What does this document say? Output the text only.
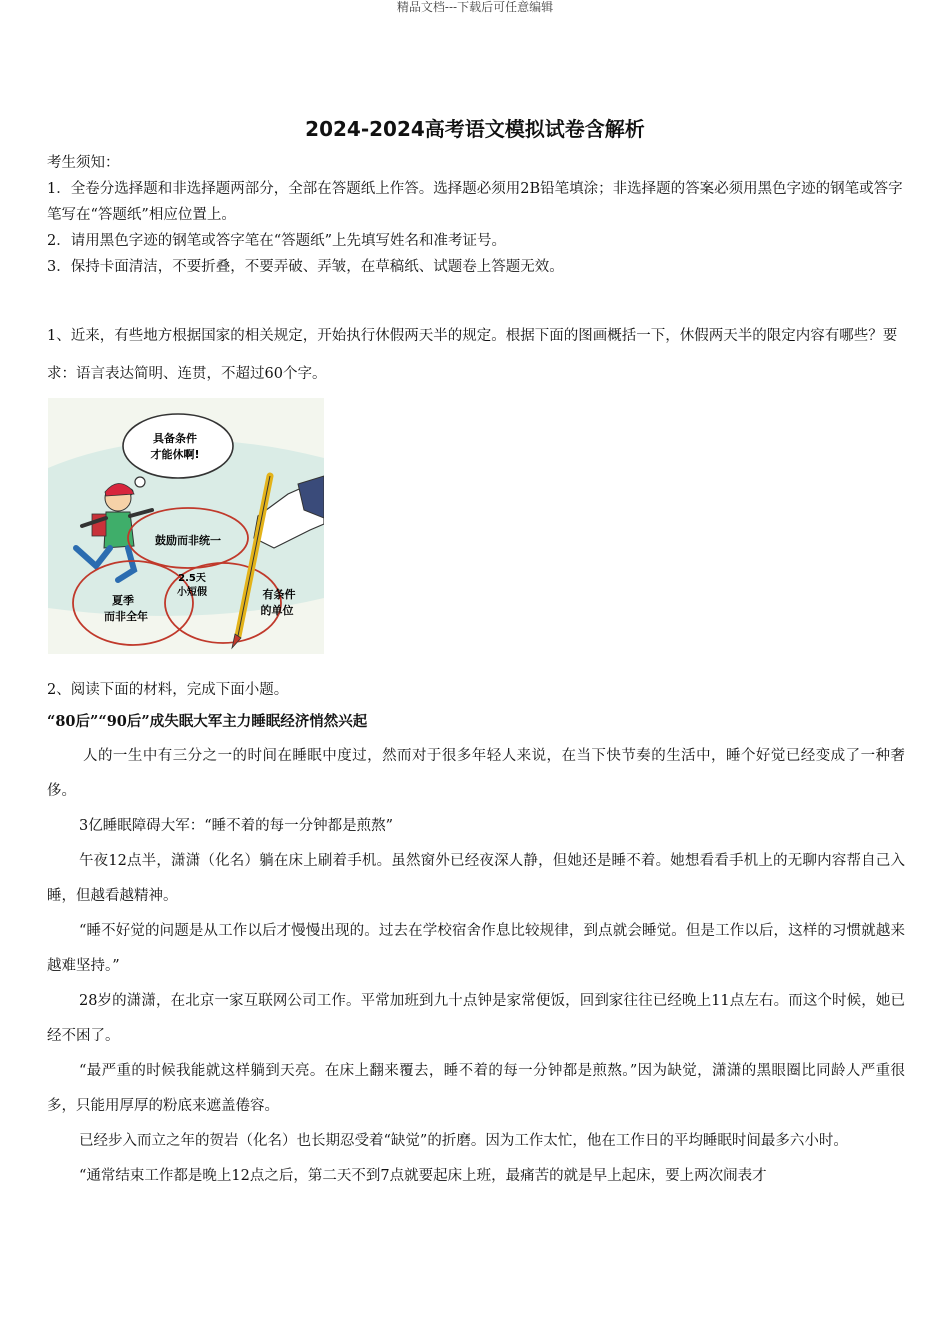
精品文档---下载后可任意编辑
2024-2024高考语文模拟试卷含解析

考生须知：

1．全卷分选择题和非选择题两部分，全部在答题纸上作答。选择题必须用2B铅笔填涂；非选择题的答案必须用黑色字迹的钢笔或答字笔写在“答题纸”相应位置上。

2．请用黑色字迹的钢笔或答字笔在“答题纸”上先填写姓名和准考证号。

3．保持卡面清洁，不要折叠，不要弄破、弄皱，在草稿纸、试题卷上答题无效。

1、近来，有些地方根据国家的相关规定，开始执行休假两天半的规定。根据下面的图画概括一下，休假两天半的限定内容有哪些？要求：语言表达简明、连贯，不超过60个字。

具备条件
才能休啊!
鼓励而非统一
2.5天
小短假
夏季
而非全年
有条件
的单位

2、阅读下面的材料，完成下面小题。

“80后”“90后”成失眠大军主力睡眠经济悄然兴起

人的一生中有三分之一的时间在睡眠中度过，然而对于很多年轻人来说，在当下快节奏的生活中，睡个好觉已经变成了一种奢侈。

3亿睡眠障碍大军：“睡不着的每一分钟都是煎熬”

午夜12点半，潇潇（化名）躺在床上刷着手机。虽然窗外已经夜深人静，但她还是睡不着。她想看看手机上的无聊内容帮自己入睡，但越看越精神。

“睡不好觉的问题是从工作以后才慢慢出现的。过去在学校宿舍作息比较规律，到点就会睡觉。但是工作以后，这样的习惯就越来越难坚持。”

28岁的潇潇，在北京一家互联网公司工作。平常加班到九十点钟是家常便饭，回到家往往已经晚上11点左右。而这个时候，她已经不困了。

“最严重的时候我能就这样躺到天亮。在床上翻来覆去，睡不着的每一分钟都是煎熬。”因为缺觉，潇潇的黑眼圈比同龄人严重很多，只能用厚厚的粉底来遮盖倦容。

已经步入而立之年的贺岩（化名）也长期忍受着“缺觉”的折磨。因为工作太忙，他在工作日的平均睡眠时间最多六小时。

“通常结束工作都是晚上12点之后，第二天不到7点就要起床上班，最痛苦的就是早上起床，要上两次闹表才
